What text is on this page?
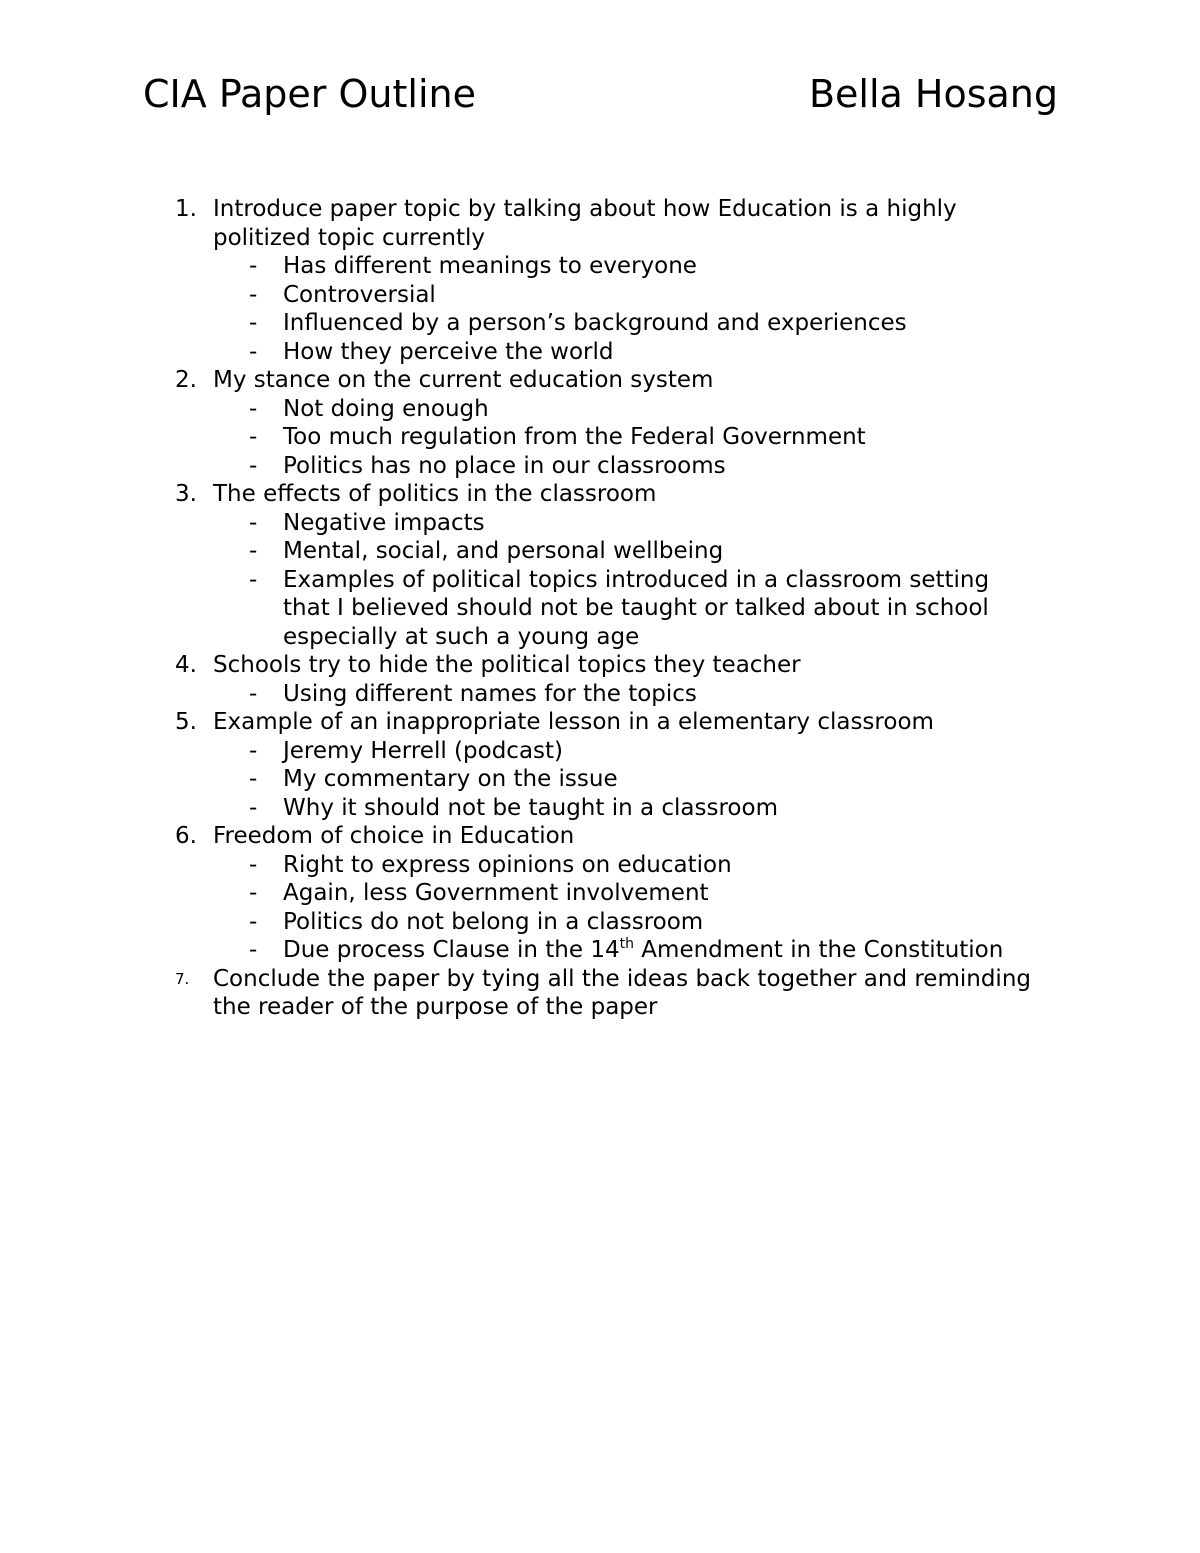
CIA Paper Outline	Bella Hosang
1. Introduce paper topic by talking about how Education is a highly politized topic currently
- Has different meanings to everyone
- Controversial
- Influenced by a person’s background and experiences
- How they perceive the world
2. My stance on the current education system
- Not doing enough
- Too much regulation from the Federal Government
- Politics has no place in our classrooms
3. The effects of politics in the classroom
- Negative impacts
- Mental, social, and personal wellbeing
- Examples of political topics introduced in a classroom setting that I believed should not be taught or talked about in school especially at such a young age
4. Schools try to hide the political topics they teacher
- Using different names for the topics
5. Example of an inappropriate lesson in a elementary classroom
- Jeremy Herrell (podcast)
- My commentary on the issue
- Why it should not be taught in a classroom
6. Freedom of choice in Education
- Right to express opinions on education
- Again, less Government involvement
- Politics do not belong in a classroom
- Due process Clause in the 14th Amendment in the Constitution
7.	Conclude the paper by tying all the ideas back together and reminding the reader of the purpose of the paper
